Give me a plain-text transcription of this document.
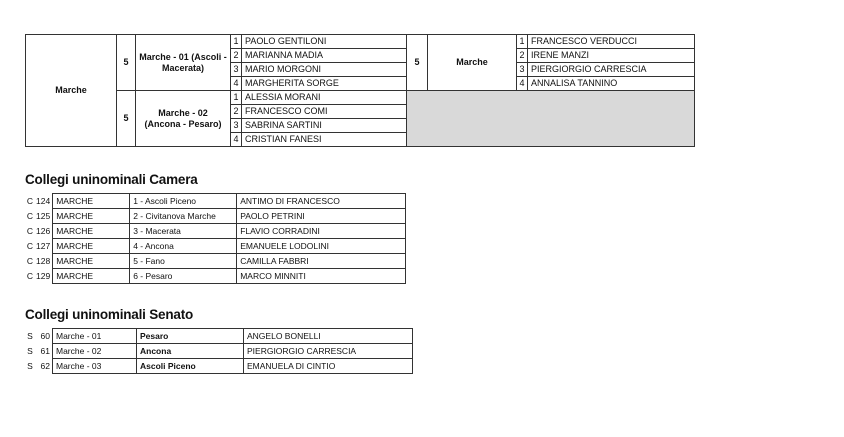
Marche	5	Marche - 01 (Ascoli - Macerata)	1	PAOLO GENTILONI	5	Marche	1	FRANCESCO VERDUCCI
			2	MARIANNA MADIA			2	IRENE MANZI
			3	MARIO MORGONI			3	PIERGIORGIO CARRESCIA
			4	MARGHERITA SORGE			4	ANNALISA TANNINO
	5	Marche - 02 (Ancona - Pesaro)	1	ALESSIA MORANI				
			2	FRANCESCO COMI				
			3	SABRINA SARTINI				
			4	CRISTIAN FANESI				
Collegi uninominali Camera
C	124	MARCHE	1 - Ascoli Piceno	ANTIMO DI FRANCESCO
C	125	MARCHE	2 - Civitanova Marche	PAOLO PETRINI
C	126	MARCHE	3 - Macerata	FLAVIO CORRADINI
C	127	MARCHE	4 - Ancona	EMANUELE LODOLINI
C	128	MARCHE	5 - Fano	CAMILLA FABBRI
C	129	MARCHE	6 - Pesaro	MARCO MINNITI
Collegi uninominali Senato
S	60	Marche - 01	Pesaro	ANGELO BONELLI
S	61	Marche - 02	Ancona	PIERGIORGIO CARRESCIA
S	62	Marche - 03	Ascoli Piceno	EMANUELA DI CINTIO
